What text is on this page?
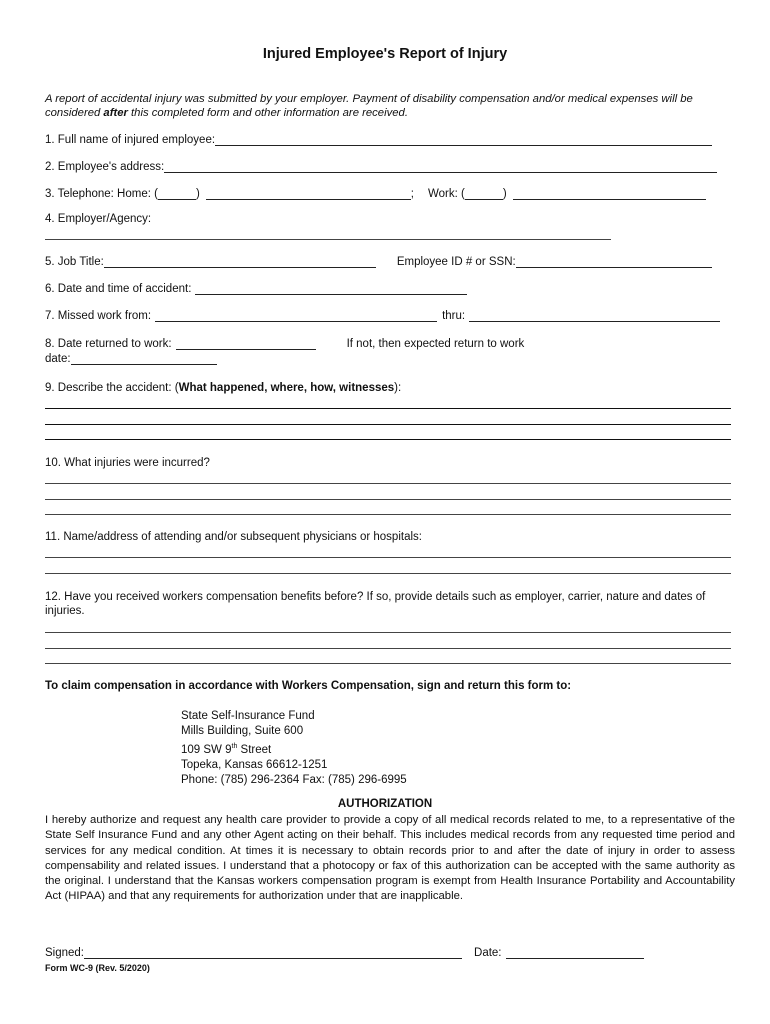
Injured Employee's Report of Injury
A report of accidental injury was submitted by your employer. Payment of disability compensation and/or medical expenses will be considered after this completed form and other information are received.
1. Full name of injured employee:
2. Employee's address:
3. Telephone: Home: (	)	; Work: (	)
4. Employer/Agency:
5. Job Title:	Employee ID # or SSN:
6. Date and time of accident:
7. Missed work from:	thru:
8. Date returned to work:	If not, then expected return to work
date:
9. Describe the accident: (What happened, where, how, witnesses):
10. What injuries were incurred?
11. Name/address of attending and/or subsequent physicians or hospitals:
12. Have you received workers compensation benefits before? If so, provide details such as employer, carrier, nature and dates of injuries.
To claim compensation in accordance with Workers Compensation, sign and return this form to:
State Self-Insurance Fund
Mills Building, Suite 600
109 SW 9th Street
Topeka, Kansas 66612-1251
Phone: (785) 296-2364 Fax: (785) 296-6995
AUTHORIZATION
I hereby authorize and request any health care provider to provide a copy of all medical records related to me, to a representative of the State Self Insurance Fund and any other Agent acting on their behalf. This includes medical records from any requested time period and services for any medical condition. At times it is necessary to obtain records prior to and after the date of injury in order to assess compensability and related issues. I understand that a photocopy or fax of this authorization can be accepted with the same authority as the original. I understand that the Kansas workers compensation program is exempt from Health Insurance Portability and Accountability Act (HIPAA) and that any requirements for authorization under that are inapplicable.
Signed:	Date:
Form WC-9 (Rev. 5/2020)
